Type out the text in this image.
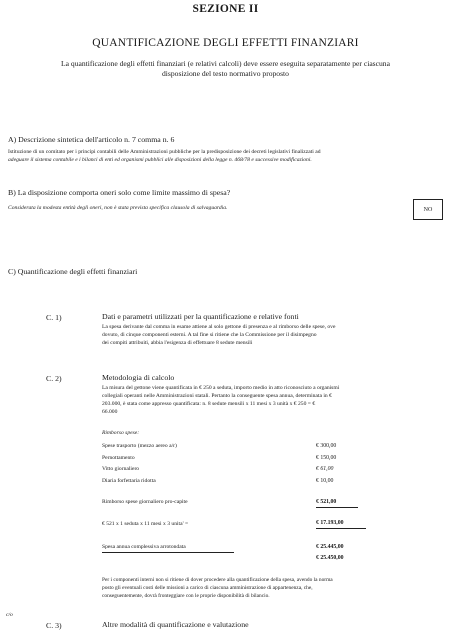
SEZIONE II
QUANTIFICAZIONE DEGLI EFFETTI FINANZIARI
La quantificazione degli effetti finanziari (e relativi calcoli) deve essere eseguita separatamente per ciascuna
disposizione del testo normativo proposto
A) Descrizione sintetica dell'articolo n. 7 comma n. 6
Istituzione di un comitato per i principi contabili delle Amministrazioni pubbliche per la predisposizione dei decreti legislativi finalizzati ad
adeguare il sistema contabile e i bilanci di enti ed organismi pubblici alle disposizioni della legge n. 468/78 e successive modificazioni.
B) La disposizione comporta oneri solo come limite massimo di spesa?
Considerata la modesta entità degli oneri, non è stata prevista specifica clausola di salvaguardia.	NO
C) Quantificazione degli effetti finanziari
C. 1)	Dati e parametri utilizzati per la quantificazione e relative fonti
La spesa derivante dal comma in esame attiene al solo gettone di presenza e al rimborso delle spese, ove
dovuto, di cinque componenti esterni. A tal fine si ritiene che la Commissione per il disimpegno
dei compiti attribuiti, abbia l'esigenza di effettuare 8 sedute mensili
C. 2)	Metodologia di calcolo
La misura del gettone viene quantificata in € 250 a seduta, importo medio in atto riconosciuto a organismi
collegiali operanti nelle Amministrazioni statali. Pertanto la conseguente spesa annua, determinata in €
203.000, è stata come appresso quantificata: n. 8 sedute mensili x 11 mesi x 3 unità x € 250 = €
66.000
Rimborso spese:
Spese trasporto (mezzo aereo a/r)	€ 300,00
Pernottamento	€ 150,00
Vitto giornaliero	€ 61,00
Diaria forfettaria ridotta	€ 10,00
Rimborso spese giornaliero pro-capite	€ 521,00
€ 521 x 1 seduta x 11 mesi x 3 unita' =	€ 17.193,00
Spesa annua complessiva arrotondata	€ 25.445,00
€ 25.450,00
Per i componenti interni non si ritiene di dover procedere alla quantificazione della spesa, avendo la norma
posto gli eventuali costi delle missioni a carico di ciascuna amministrazione di appartenenza, che,
conseguentemente, dovrà fronteggiare con le proprie disponibilità di bilancio.
c/o
C. 3)	Altre modalità di quantificazione e valutazione
